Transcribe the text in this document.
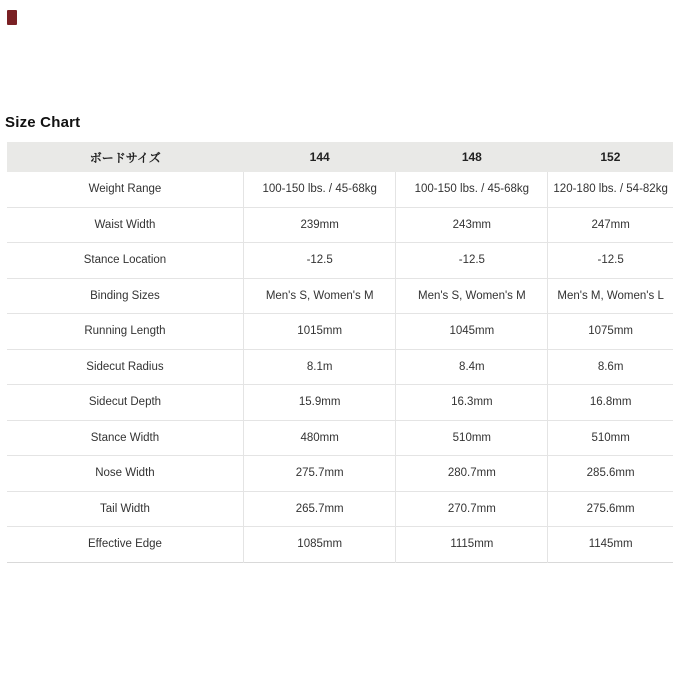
Size Chart
ボードサイズ	144	148	152
Weight Range	100-150 lbs. / 45-68kg	100-150 lbs. / 45-68kg	120-180 lbs. / 54-82kg
Waist Width	239mm	243mm	247mm
Stance Location	-12.5	-12.5	-12.5
Binding Sizes	Men's S, Women's M	Men's S, Women's M	Men's M, Women's L
Running Length	1015mm	1045mm	1075mm
Sidecut Radius	8.1m	8.4m	8.6m
Sidecut Depth	15.9mm	16.3mm	16.8mm
Stance Width	480mm	510mm	510mm
Nose Width	275.7mm	280.7mm	285.6mm
Tail Width	265.7mm	270.7mm	275.6mm
Effective Edge	1085mm	1115mm	1145mm
